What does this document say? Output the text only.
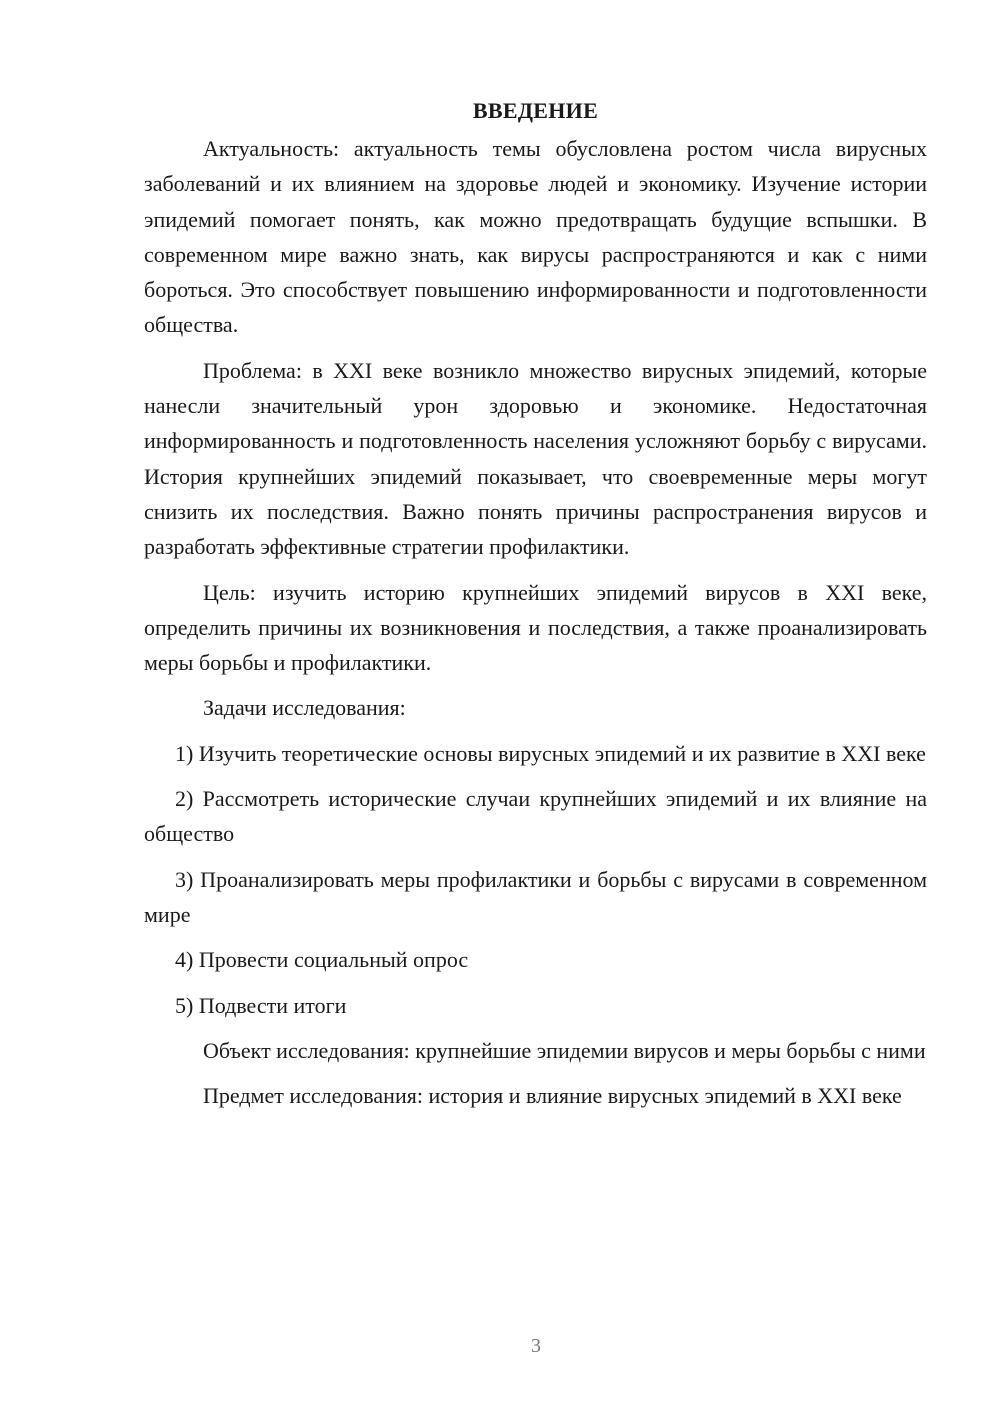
ВВЕДЕНИЕ
Актуальность: актуальность темы обусловлена ростом числа вирусных заболеваний и их влиянием на здоровье людей и экономику. Изучение истории эпидемий помогает понять, как можно предотвращать будущие вспышки. В современном мире важно знать, как вирусы распространяются и как с ними бороться. Это способствует повышению информированности и подготовленности общества.
Проблема: в XXI веке возникло множество вирусных эпидемий, которые нанесли значительный урон здоровью и экономике. Недостаточная информированность и подготовленность населения усложняют борьбу с вирусами. История крупнейших эпидемий показывает, что своевременные меры могут снизить их последствия. Важно понять причины распространения вирусов и разработать эффективные стратегии профилактики.
Цель: изучить историю крупнейших эпидемий вирусов в XXI веке, определить причины их возникновения и последствия, а также проанализировать меры борьбы и профилактики.
Задачи исследования:
1) Изучить теоретические основы вирусных эпидемий и их развитие в XXI веке
2) Рассмотреть исторические случаи крупнейших эпидемий и их влияние на общество
3) Проанализировать меры профилактики и борьбы с вирусами в современном мире
4) Провести социальный опрос
5) Подвести итоги
Объект исследования: крупнейшие эпидемии вирусов и меры борьбы с ними
Предмет исследования: история и влияние вирусных эпидемий в XXI веке
3
